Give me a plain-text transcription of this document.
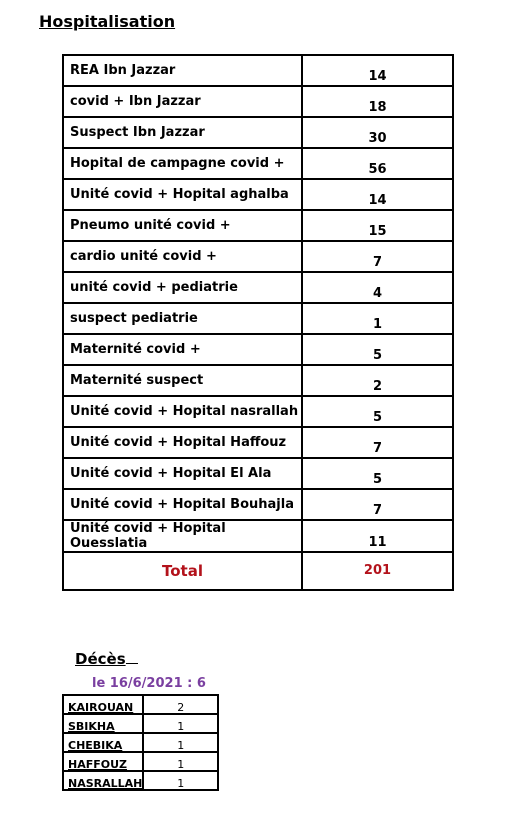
Hospitalisation
REA Ibn Jazzar	14
covid + Ibn Jazzar	18
Suspect Ibn Jazzar	30
Hopital de campagne covid +	56
Unité covid + Hopital aghalba	14
Pneumo unité covid +	15
cardio unité covid +	7
unité covid + pediatrie	4
suspect pediatrie	1
Maternité covid +	5
Maternité suspect	2
Unité covid + Hopital nasrallah	5
Unité covid + Hopital Haffouz	7
Unité covid + Hopital El Ala	5
Unité covid + Hopital Bouhajla	7
Unité covid + Hopital Ouesslatia	11
Total	201
Décès
le 16/6/2021 : 6
KAIROUAN	2
SBIKHA	1
CHEBIKA	1
HAFFOUZ	1
NASRALLAH	1
